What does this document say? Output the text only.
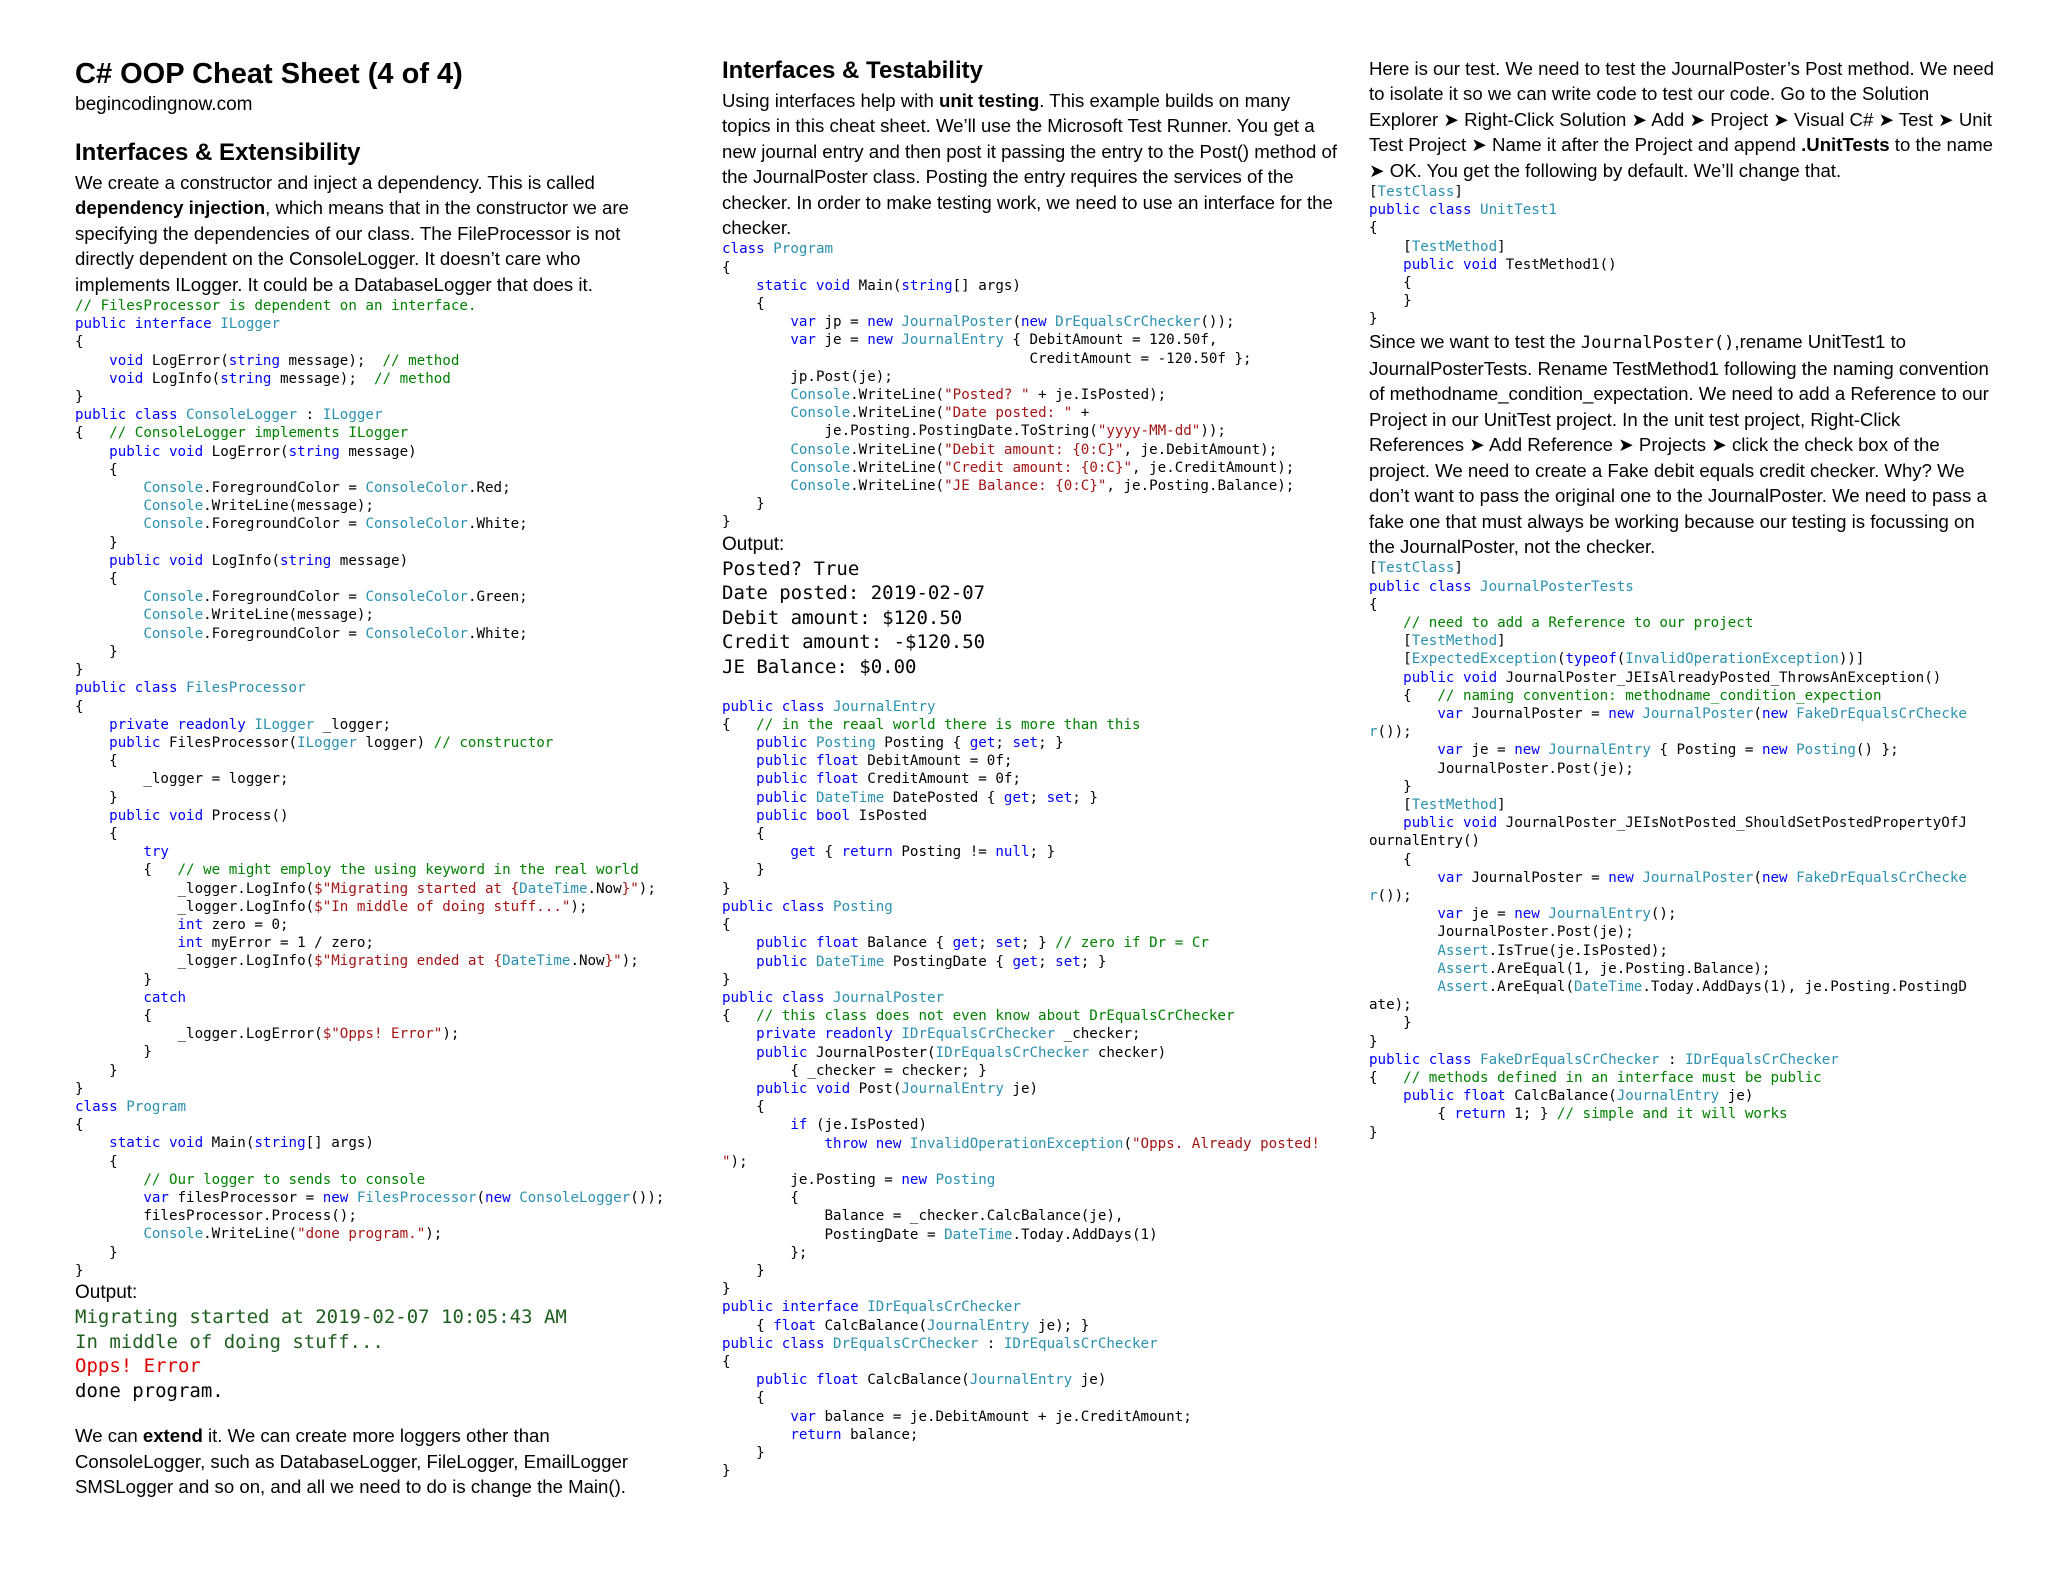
C# OOP Cheat Sheet (4 of 4)

begincodingnow.com

Interfaces & Extensibility

We create a constructor and inject a dependency. This is called dependency injection, which means that in the constructor we are specifying the dependencies of our class. The FileProcessor is not directly dependent on the ConsoleLogger. It doesn’t care who implements ILogger. It could be a DatabaseLogger that does it.

// FilesProcessor is dependent on an interface.
public interface ILogger
{
void LogError(string message);  // method
void LogInfo(string message);  // method
}
public class ConsoleLogger : ILogger
{   // ConsoleLogger implements ILogger
public void LogError(string message)
{
Console.ForegroundColor = ConsoleColor.Red;
Console.WriteLine(message);
Console.ForegroundColor = ConsoleColor.White;
}
public void LogInfo(string message)
{
Console.ForegroundColor = ConsoleColor.Green;
Console.WriteLine(message);
Console.ForegroundColor = ConsoleColor.White;
}
}
public class FilesProcessor
{
private readonly ILogger _logger;
public FilesProcessor(ILogger logger) // constructor
{
_logger = logger;
}
public void Process()
{
try
{   // we might employ the using keyword in the real world
_logger.LogInfo($"Migrating started at {DateTime.Now}");
_logger.LogInfo($"In middle of doing stuff...");
int zero = 0;
int myError = 1 / zero;
_logger.LogInfo($"Migrating ended at {DateTime.Now}");
}
catch
{
_logger.LogError($"Opps! Error");
}
}
}
class Program
{
static void Main(string[] args)
{
// Our logger to sends to console
var filesProcessor = new FilesProcessor(new ConsoleLogger());
filesProcessor.Process();
Console.WriteLine("done program.");
}
}

Output:

Migrating started at 2019-02-07 10:05:43 AM
In middle of doing stuff...
Opps! Error
done program.

We can extend it. We can create more loggers other than ConsoleLogger, such as DatabaseLogger, FileLogger, EmailLogger SMSLogger and so on, and all we need to do is change the Main().

Interfaces & Testability

Using interfaces help with unit testing. This example builds on many topics in this cheat sheet. We’ll use the Microsoft Test Runner. You get a new journal entry and then post it passing the entry to the Post() method of the JournalPoster class. Posting the entry requires the services of the checker. In order to make testing work, we need to use an interface for the checker.

class Program
{
static void Main(string[] args)
{
var jp = new JournalPoster(new DrEqualsCrChecker());
var je = new JournalEntry { DebitAmount = 120.50f,
CreditAmount = -120.50f };
jp.Post(je);
Console.WriteLine("Posted? " + je.IsPosted);
Console.WriteLine("Date posted: " +
je.Posting.PostingDate.ToString("yyyy-MM-dd"));
Console.WriteLine("Debit amount: {0:C}", je.DebitAmount);
Console.WriteLine("Credit amount: {0:C}", je.CreditAmount);
Console.WriteLine("JE Balance: {0:C}", je.Posting.Balance);
}
}

Output:

Posted? True
Date posted: 2019-02-07
Debit amount: $120.50
Credit amount: -$120.50
JE Balance: $0.00
public class JournalEntry
{   // in the reaal world there is more than this
public Posting Posting { get; set; }
public float DebitAmount = 0f;
public float CreditAmount = 0f;
public DateTime DatePosted { get; set; }
public bool IsPosted
{
get { return Posting != null; }
}
}
public class Posting
{
public float Balance { get; set; } // zero if Dr = Cr
public DateTime PostingDate { get; set; }
}
public class JournalPoster
{   // this class does not even know about DrEqualsCrChecker
private readonly IDrEqualsCrChecker _checker;
public JournalPoster(IDrEqualsCrChecker checker)
{ _checker = checker; }
public void Post(JournalEntry je)
{
if (je.IsPosted)
throw new InvalidOperationException("Opps. Already posted!
");
je.Posting = new Posting
{
Balance = _checker.CalcBalance(je),
PostingDate = DateTime.Today.AddDays(1)
};
}
}
public interface IDrEqualsCrChecker
{ float CalcBalance(JournalEntry je); }
public class DrEqualsCrChecker : IDrEqualsCrChecker
{
public float CalcBalance(JournalEntry je)
{
var balance = je.DebitAmount + je.CreditAmount;
return balance;
}
}

Here is our test. We need to test the JournalPoster’s Post method. We need to isolate it so we can write code to test our code. Go to the Solution Explorer ➤ Right-Click Solution ➤ Add ➤ Project ➤ Visual C# ➤ Test ➤ Unit Test Project ➤ Name it after the Project and append .UnitTests to the name ➤ OK. You get the following by default. We’ll change that.

[TestClass]
public class UnitTest1
{
[TestMethod]
public void TestMethod1()
{
}
}

Since we want to test the JournalPoster(),rename UnitTest1 to JournalPosterTests. Rename TestMethod1 following the naming convention of methodname_condition_expectation. We need to add a Reference to our Project in our UnitTest project. In the unit test project, Right-Click References ➤ Add Reference ➤ Projects ➤ click the check box of the project. We need to create a Fake debit equals credit checker. Why? We don’t want to pass the original one to the JournalPoster. We need to pass a fake one that must always be working because our testing is focussing on the JournalPoster, not the checker.

[TestClass]
public class JournalPosterTests
{
// need to add a Reference to our project
[TestMethod]
[ExpectedException(typeof(InvalidOperationException))]
public void JournalPoster_JEIsAlreadyPosted_ThrowsAnException()
{   // naming convention: methodname_condition_expection
var JournalPoster = new JournalPoster(new FakeDrEqualsCrChecke
r());
var je = new JournalEntry { Posting = new Posting() };
JournalPoster.Post(je);
}
[TestMethod]
public void JournalPoster_JEIsNotPosted_ShouldSetPostedPropertyOfJ
ournalEntry()
{
var JournalPoster = new JournalPoster(new FakeDrEqualsCrChecke
r());
var je = new JournalEntry();
JournalPoster.Post(je);
Assert.IsTrue(je.IsPosted);
Assert.AreEqual(1, je.Posting.Balance);
Assert.AreEqual(DateTime.Today.AddDays(1), je.Posting.PostingD
ate);
}
}
public class FakeDrEqualsCrChecker : IDrEqualsCrChecker
{   // methods defined in an interface must be public
public float CalcBalance(JournalEntry je)
{ return 1; } // simple and it will works
}
